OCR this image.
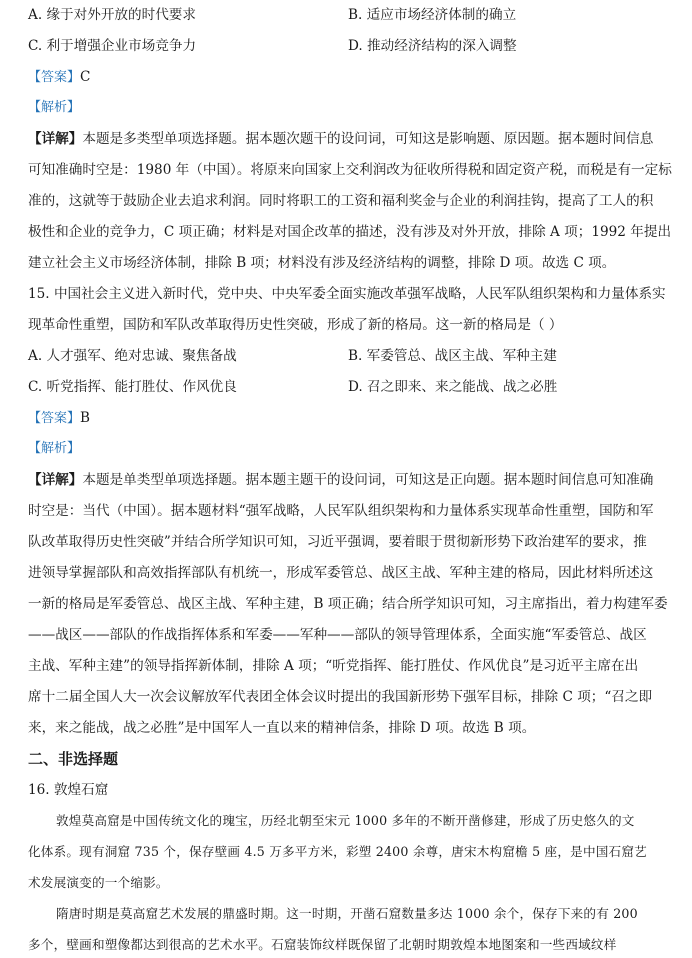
A. 缘于对外开放的时代要求	B. 适应市场经济体制的确立
C. 利于增强企业市场竞争力	D. 推动经济结构的深入调整
【答案】C
【解析】
【详解】本题是多类型单项选择题。据本题次题干的设问词，可知这是影响题、原因题。据本题时间信息
可知准确时空是：1980 年（中国）。将原来向国家上交利润改为征收所得税和固定资产税，而税是有一定标
准的，这就等于鼓励企业去追求利润。同时将职工的工资和福利奖金与企业的利润挂钩，提高了工人的积
极性和企业的竞争力，C 项正确；材料是对国企改革的描述，没有涉及对外开放，排除 A 项；1992 年提出
建立社会主义市场经济体制，排除 B 项；材料没有涉及经济结构的调整，排除 D 项。故选 C 项。
15. 中国社会主义进入新时代，党中央、中央军委全面实施改革强军战略，人民军队组织架构和力量体系实
现革命性重塑，国防和军队改革取得历史性突破，形成了新的格局。这一新的格局是（ ）
A. 人才强军、绝对忠诚、聚焦备战	B. 军委管总、战区主战、军种主建
C. 听党指挥、能打胜仗、作风优良	D. 召之即来、来之能战、战之必胜
【答案】B
【解析】
【详解】本题是单类型单项选择题。据本题主题干的设问词，可知这是正向题。据本题时间信息可知准确
时空是：当代（中国）。据本题材料“强军战略，人民军队组织架构和力量体系实现革命性重塑，国防和军
队改革取得历史性突破”并结合所学知识可知，习近平强调，要着眼于贯彻新形势下政治建军的要求，推
进领导掌握部队和高效指挥部队有机统一，形成军委管总、战区主战、军种主建的格局，因此材料所述这
一新的格局是军委管总、战区主战、军种主建，B 项正确；结合所学知识可知，习主席指出，着力构建军委
——战区——部队的作战指挥体系和军委——军种——部队的领导管理体系，全面实施“军委管总、战区
主战、军种主建”的领导指挥新体制，排除 A 项；“听党指挥、能打胜仗、作风优良”是习近平主席在出
席十二届全国人大一次会议解放军代表团全体会议时提出的我国新形势下强军目标，排除 C 项；“召之即
来，来之能战，战之必胜”是中国军人一直以来的精神信条，排除 D 项。故选 B 项。
二、非选择题
16. 敦煌石窟
敦煌莫高窟是中国传统文化的瑰宝，历经北朝至宋元 1000 多年的不断开凿修建，形成了历史悠久的文
化体系。现有洞窟 735 个，保存壁画 4.5 万多平方米，彩塑 2400 余尊，唐宋木构窟檐 5 座，是中国石窟艺
术发展演变的一个缩影。
隋唐时期是莫高窟艺术发展的鼎盛时期。这一时期，开凿石窟数量多达 1000 余个，保存下来的有 200
多个，壁画和塑像都达到很高的艺术水平。石窟装饰纹样既保留了北朝时期敦煌本地图案和一些西域纹样
